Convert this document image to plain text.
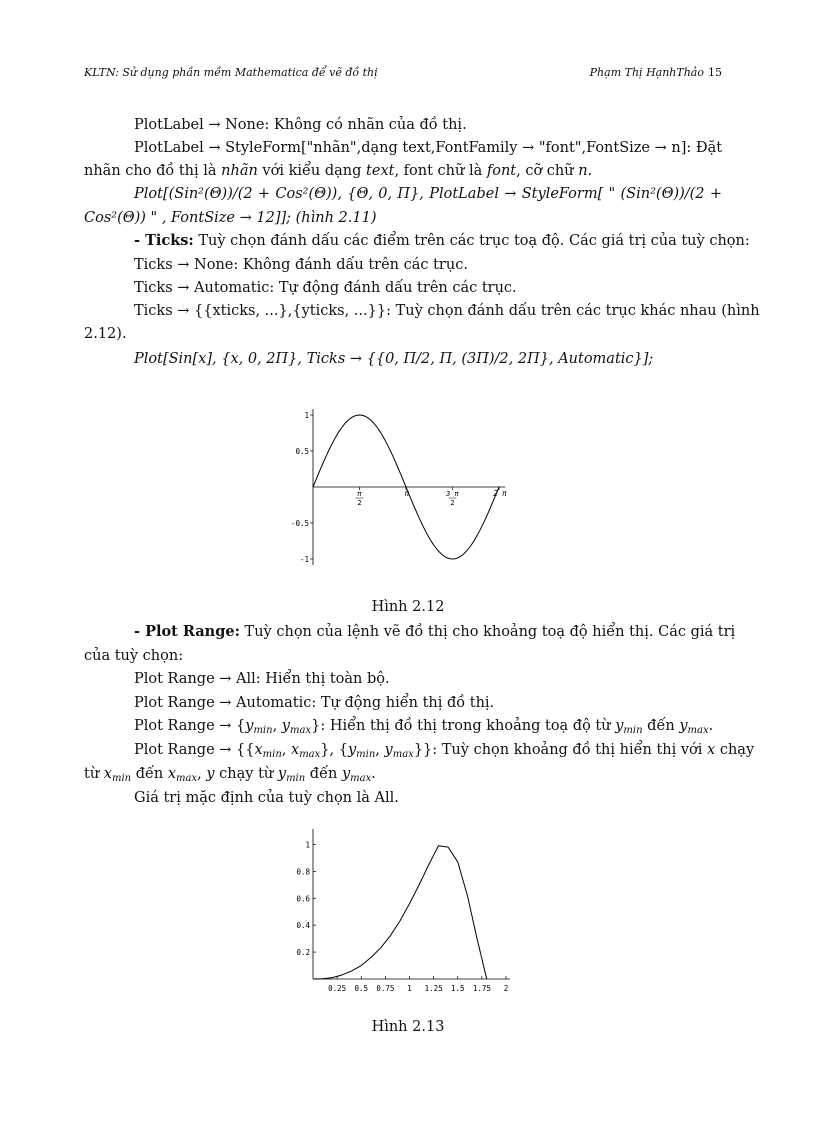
KLTN: Sử dụng phần mềm Mathematica để vẽ đồ thị	Phạm Thị HạnhThảo 15
PlotLabel → None: Không có nhãn của đồ thị.
PlotLabel → StyleForm["nhãn",dạng text,FontFamily → "font",FontSize → n]: Đặt
nhãn cho đồ thị là nhãn với kiểu dạng text, font chữ là font, cỡ chữ n.
Plot[(Sin²(Θ))/(2 + Cos²(Θ)), {Θ, 0, Π}, PlotLabel → StyleForm[ " (Sin²(Θ))/(2 +
Cos²(Θ)) " , FontSize → 12]]; (hình 2.11)
- Ticks: Tuỳ chọn đánh dấu các điểm trên các trục toạ độ. Các giá trị của tuỳ chọn:
Ticks → None: Không đánh dấu trên các trục.
Ticks → Automatic: Tự động đánh dấu trên các trục.
Ticks → {{xticks, ...},{yticks, ...}}: Tuỳ chọn đánh dấu trên các trục khác nhau (hình
2.12).
Plot[Sin[x], {x, 0, 2Π}, Ticks → {{0, Π/2, Π, (3Π)/2, 2Π}, Automatic}];
1
0.5
-0.5
-1
π
2
π	3 π
2
2 π
Hình 2.12
- Plot Range: Tuỳ chọn của lệnh vẽ đồ thị cho khoảng toạ độ hiển thị. Các giá trị
của tuỳ chọn:
Plot Range → All: Hiển thị toàn bộ.
Plot Range → Automatic: Tự động hiển thị đồ thị.
Plot Range → {$y_{min}$, $y_{max}$}: Hiển thị đồ thị trong khoảng toạ độ từ $y_{min}$ đến $y_{max}$.
Plot Range → {{$x_{min}$, $x_{max}$}, {$y_{min}$, $y_{max}$}}: Tuỳ chọn khoảng đồ thị hiển thị với x chạy
từ $x_{min}$ đến $x_{max}$, y chạy từ $y_{min}$ đến $y_{max}$.
Giá trị mặc định của tuỳ chọn là All.
0.2
0.4
0.6
0.8
1
0.25 0.5 0.75 1 1.25 1.5 1.75 2
Hình 2.13
